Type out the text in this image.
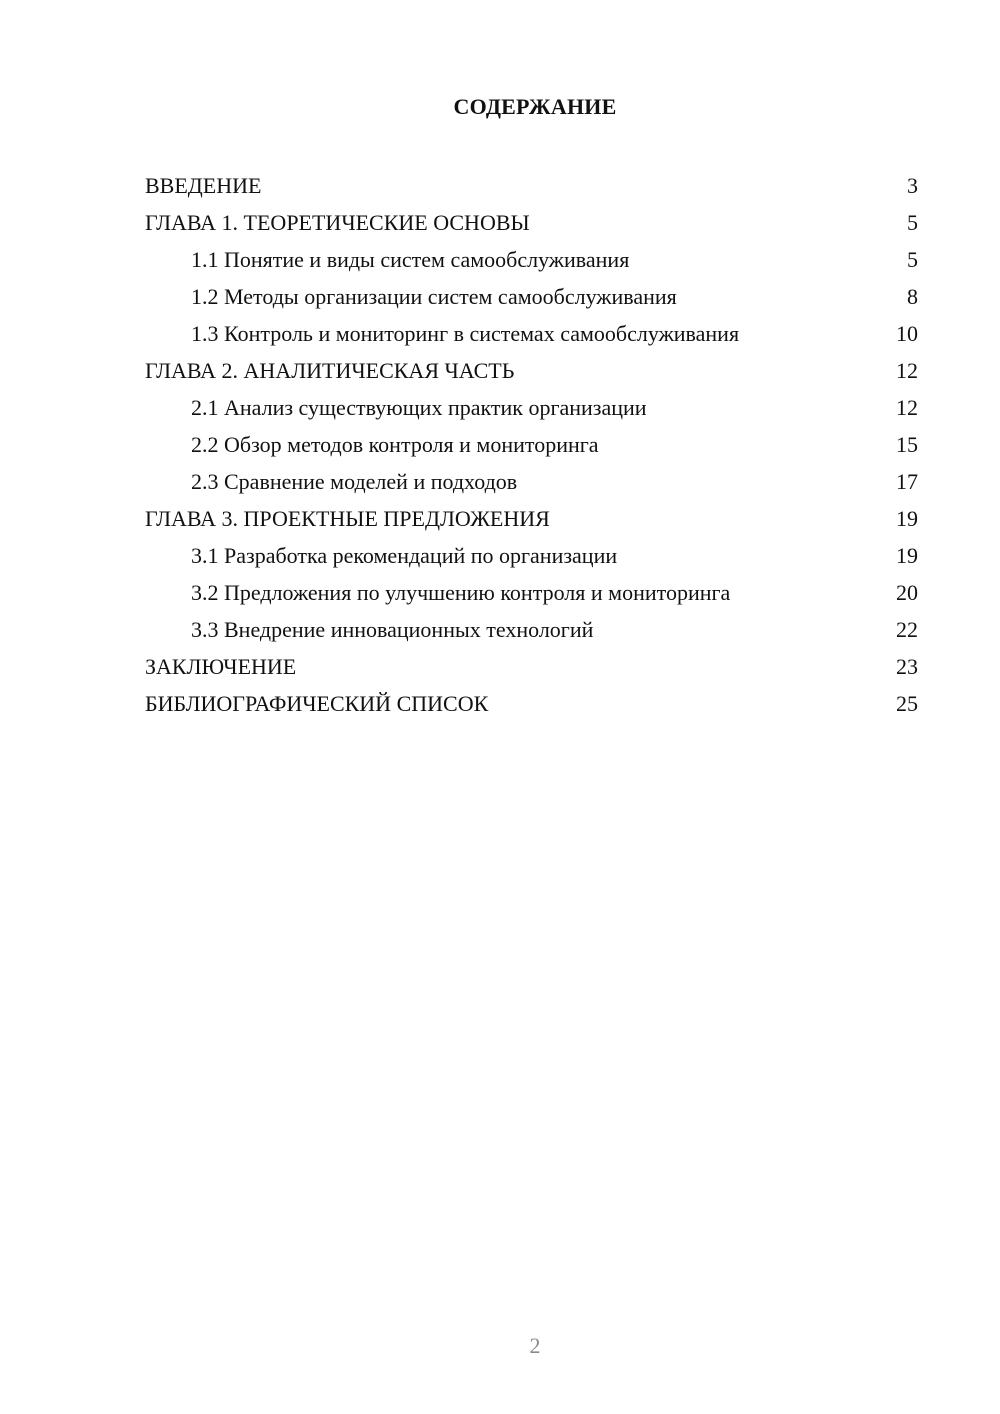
СОДЕРЖАНИЕ
ВВЕДЕНИЕ	3
ГЛАВА 1. ТЕОРЕТИЧЕСКИЕ ОСНОВЫ	5
1.1 Понятие и виды систем самообслуживания	5
1.2 Методы организации систем самообслуживания	8
1.3 Контроль и мониторинг в системах самообслуживания	10
ГЛАВА 2. АНАЛИТИЧЕСКАЯ ЧАСТЬ	12
2.1 Анализ существующих практик организации	12
2.2 Обзор методов контроля и мониторинга	15
2.3 Сравнение моделей и подходов	17
ГЛАВА 3. ПРОЕКТНЫЕ ПРЕДЛОЖЕНИЯ	19
3.1 Разработка рекомендаций по организации	19
3.2 Предложения по улучшению контроля и мониторинга	20
3.3 Внедрение инновационных технологий	22
ЗАКЛЮЧЕНИЕ	23
БИБЛИОГРАФИЧЕСКИЙ СПИСОК	25
2
